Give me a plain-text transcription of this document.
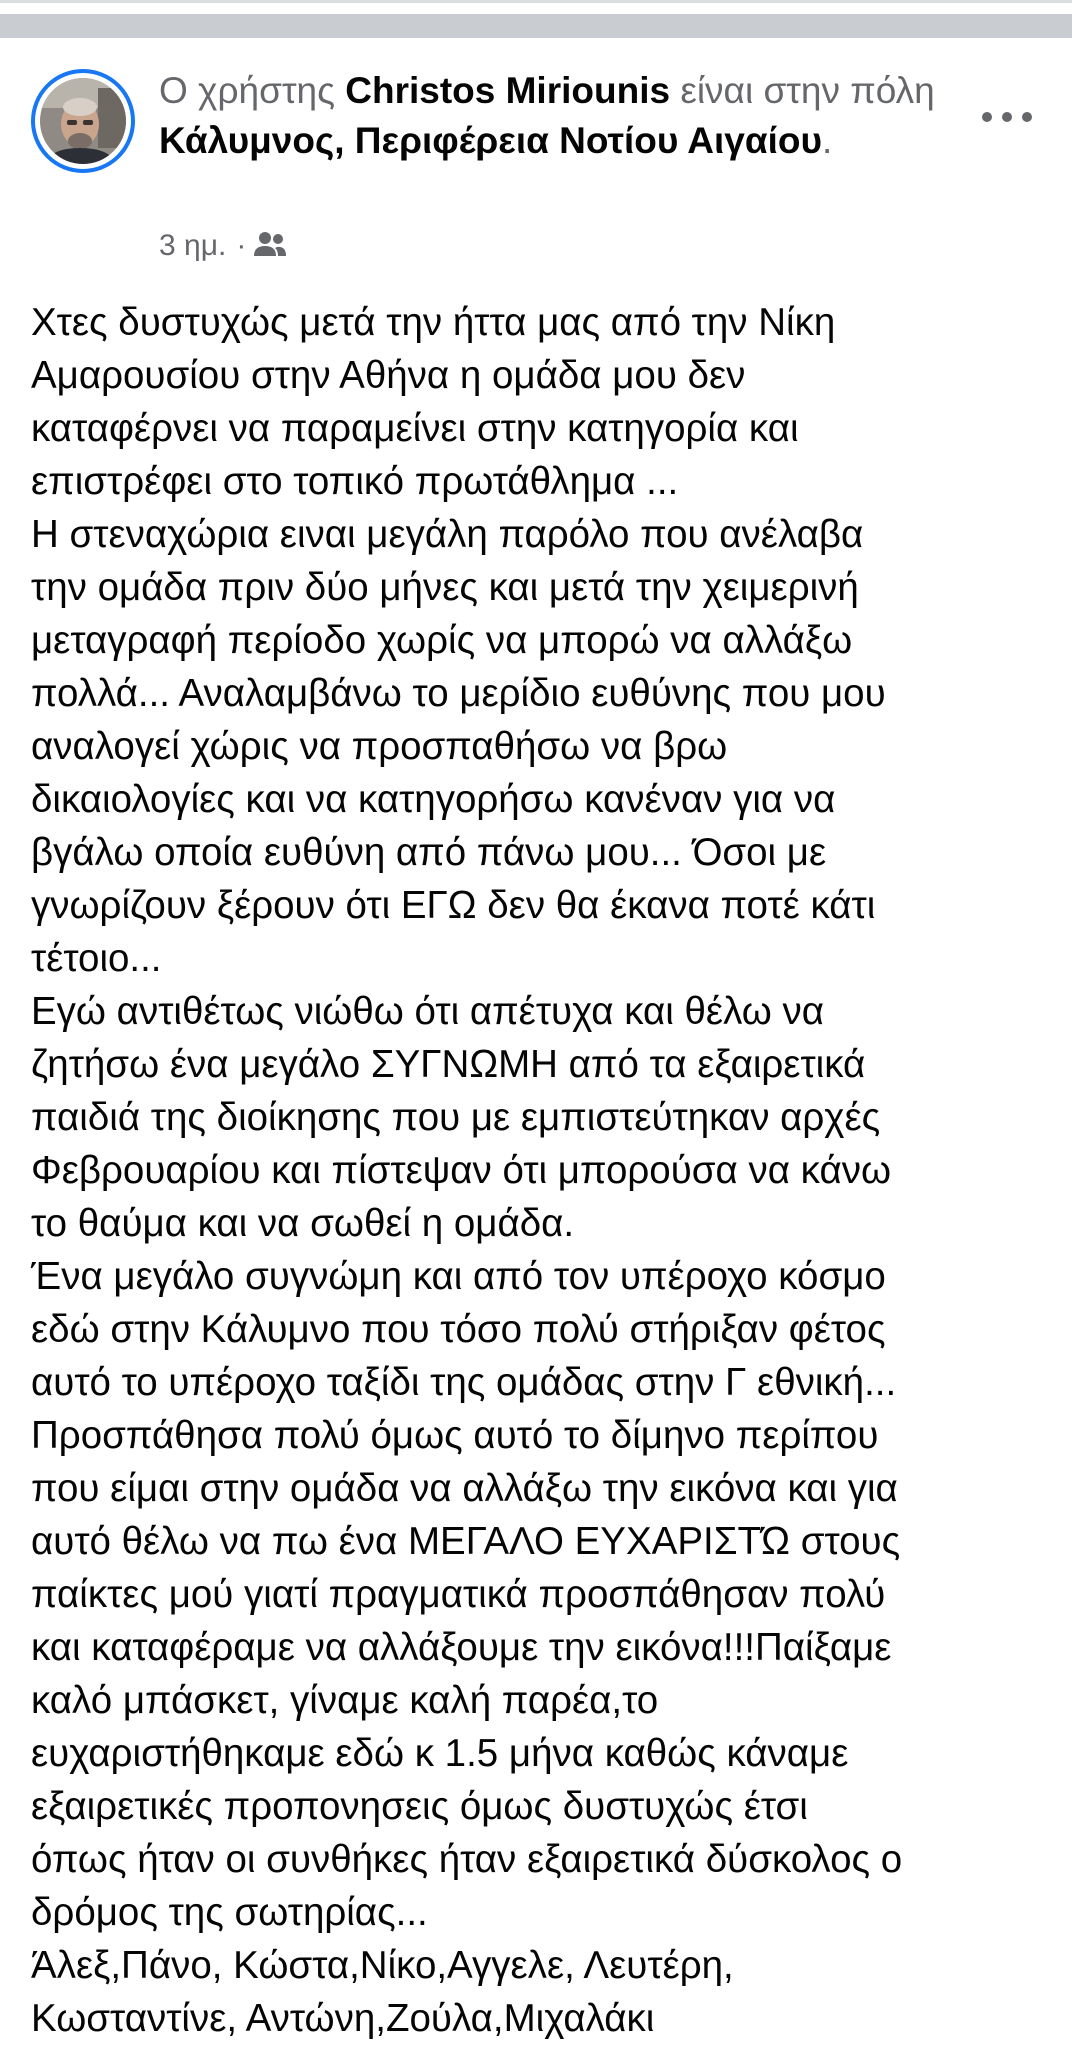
Ο χρήστης Christos Miriounis είναι στην πόλη Κάλυμνος, Περιφέρεια Νοτίου Αιγαίου.
3 ημ. ·
Χτες δυστυχώς μετά την ήττα μας από την Νίκη
Αμαρουσίου στην Αθήνα η ομάδα μου δεν
καταφέρνει να παραμείνει στην κατηγορία και
επιστρέφει στο τοπικό πρωτάθλημα ...
Η στεναχώρια ειναι μεγάλη παρόλο που ανέλαβα
την ομάδα πριν δύο μήνες και μετά την χειμερινή
μεταγραφή περίοδο χωρίς να μπορώ να αλλάξω
πολλά... Αναλαμβάνω το μερίδιο ευθύνης που μου
αναλογεί χώρις να προσπαθήσω να βρω
δικαιολογίες και να κατηγορήσω κανέναν για να
βγάλω οποία ευθύνη από πάνω μου... Όσοι με
γνωρίζουν ξέρουν ότι ΕΓΩ δεν θα έκανα ποτέ κάτι
τέτοιο...
Εγώ αντιθέτως νιώθω ότι απέτυχα και θέλω να
ζητήσω ένα μεγάλο ΣΥΓΝΩΜΗ από τα εξαιρετικά
παιδιά της διοίκησης που με εμπιστεύτηκαν αρχές
Φεβρουαρίου και πίστεψαν ότι μπορούσα να κάνω
το θαύμα και να σωθεί η ομάδα.
Ένα μεγάλο συγνώμη και από τον υπέροχο κόσμο
εδώ στην Κάλυμνο που τόσο πολύ στήριξαν φέτος
αυτό το υπέροχο ταξίδι της ομάδας στην Γ εθνική...
Προσπάθησα πολύ όμως αυτό το δίμηνο περίπου
που είμαι στην ομάδα να αλλάξω την εικόνα και για
αυτό θέλω να πω ένα ΜΕΓΑΛΟ ΕΥΧΑΡΙΣΤΏ στους
παίκτες μού γιατί πραγματικά προσπάθησαν πολύ
και καταφέραμε να αλλάξουμε την εικόνα!!!Παίξαμε
καλό μπάσκετ, γίναμε καλή παρέα,το
ευχαριστήθηκαμε εδώ κ 1.5 μήνα καθώς κάναμε
εξαιρετικές προπονησεις όμως δυστυχώς έτσι
όπως ήταν οι συνθήκες ήταν εξαιρετικά δύσκολος ο
δρόμος της σωτηρίας...
Άλεξ,Πάνο, Κώστα,Νίκο,Αγγελε, Λευτέρη,
Κωσταντίνε, Αντώνη,Ζούλα,Μιχαλάκι
